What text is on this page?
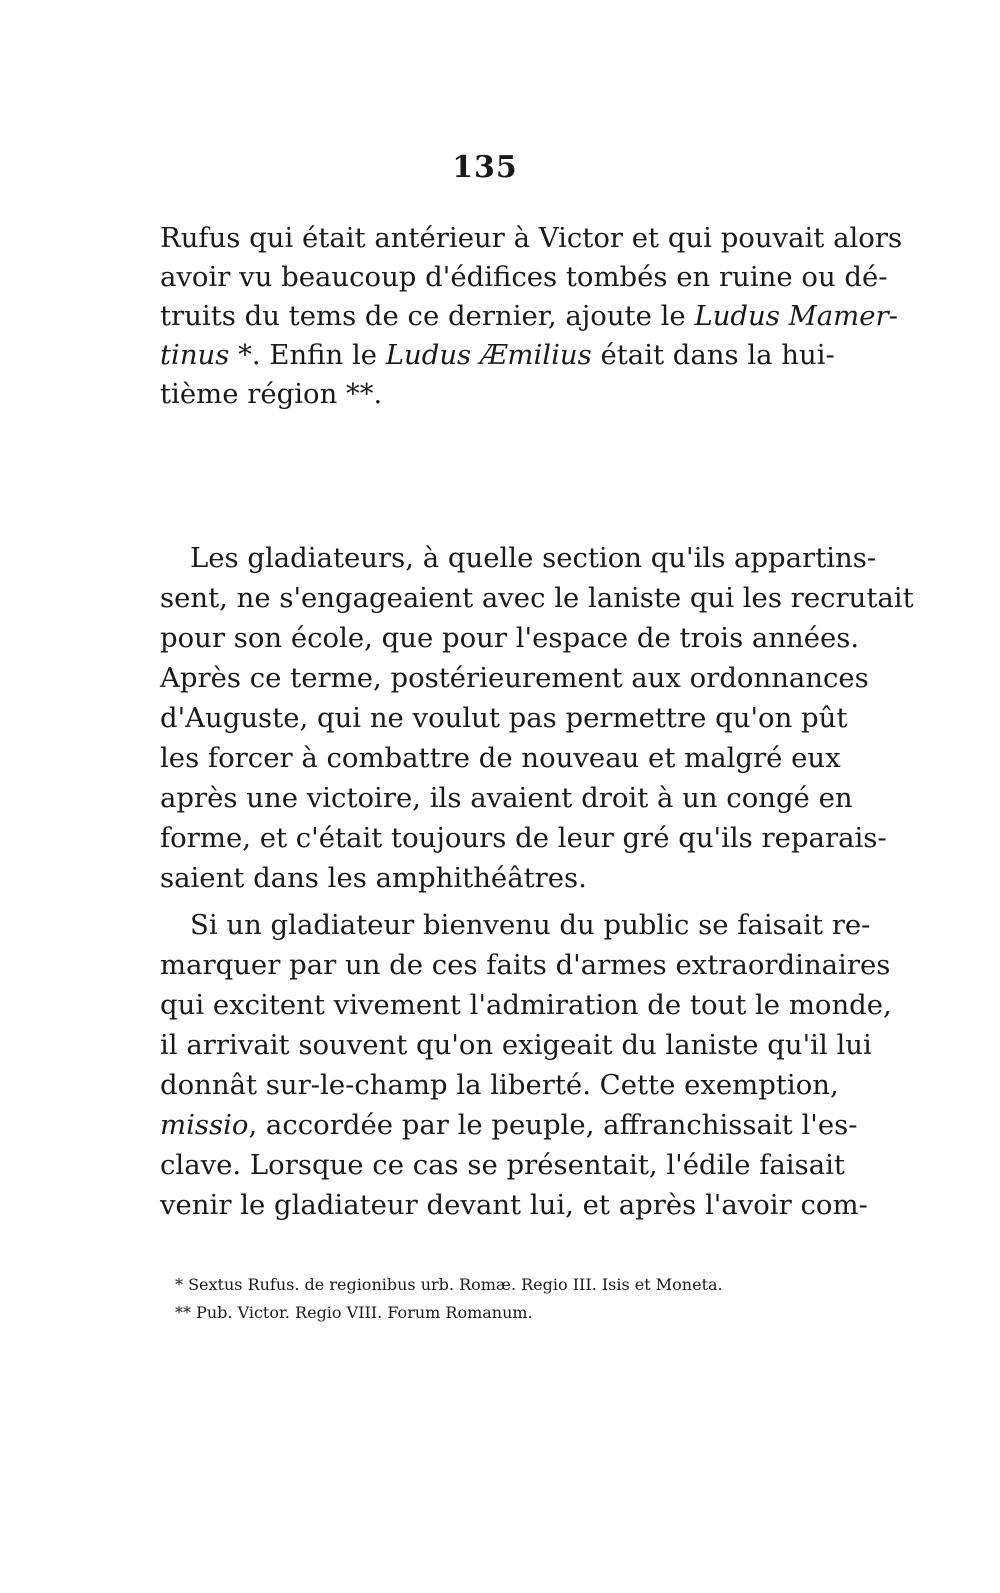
135
Rufus qui était antérieur à Victor et qui pouvait alors
avoir vu beaucoup d'édifices tombés en ruine ou dé-
truits du tems de ce dernier, ajoute le Ludus Mamer-
tinus *. Enfin le Ludus Æmilius était dans la hui-
tième région **.
Les gladiateurs, à quelle section qu'ils appartins-
sent, ne s'engageaient avec le laniste qui les recrutait
pour son école, que pour l'espace de trois années.
Après ce terme, postérieurement aux ordonnances
d'Auguste, qui ne voulut pas permettre qu'on pût
les forcer à combattre de nouveau et malgré eux
après une victoire, ils avaient droit à un congé en
forme, et c'était toujours de leur gré qu'ils reparais-
saient dans les amphithéâtres.
Si un gladiateur bienvenu du public se faisait re-
marquer par un de ces faits d'armes extraordinaires
qui excitent vivement l'admiration de tout le monde,
il arrivait souvent qu'on exigeait du laniste qu'il lui
donnât sur-le-champ la liberté. Cette exemption,
missio, accordée par le peuple, affranchissait l'es-
clave. Lorsque ce cas se présentait, l'édile faisait
venir le gladiateur devant lui, et après l'avoir com-
* Sextus Rufus. de regionibus urb. Romæ. Regio III. Isis et Moneta.
** Pub. Victor. Regio VIII. Forum Romanum.
